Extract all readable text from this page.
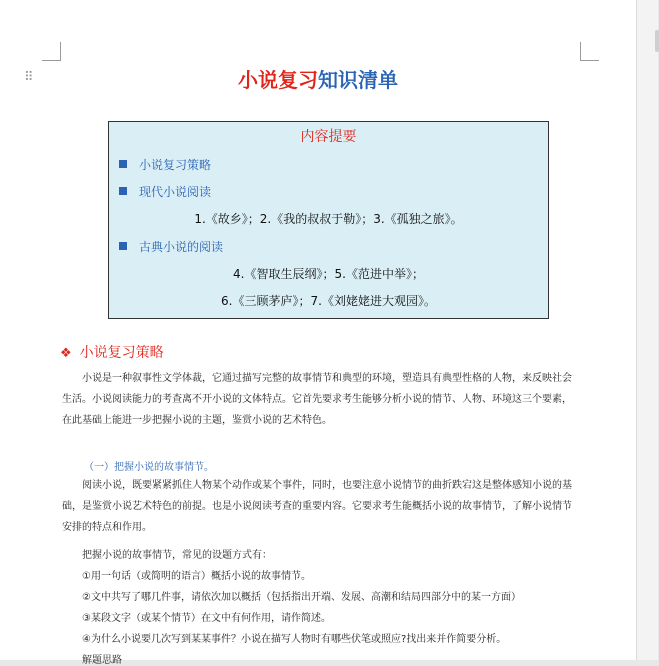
⠿	小说复习知识清单
内容提要
小说复习策略
现代小说阅读
1.《故乡》；2.《我的叔叔于勒》；3.《孤独之旅》。
古典小说的阅读
4.《智取生辰纲》；5.《范进中举》；
6.《三顾茅庐》；7.《刘姥姥进大观园》。
❖ 小说复习策略
小说是一种叙事性文学体裁，它通过描写完整的故事情节和典型的环境，塑造具有典型性格的人物，来反映社会生活。小说阅读能力的考查离不开小说的文体特点。它首先要求考生能够分析小说的情节、人物、环境这三个要素，在此基础上能进一步把握小说的主题，鉴赏小说的艺术特色。
（一）把握小说的故事情节。
阅读小说，既要紧紧抓住人物某个动作或某个事件，同时，也要注意小说情节的曲折跌宕这是整体感知小说的基础，是鉴赏小说艺术特色的前提。也是小说阅读考查的重要内容。它要求考生能概括小说的故事情节，了解小说情节安排的特点和作用。
把握小说的故事情节，常见的设题方式有：
①用一句话（或简明的语言）概括小说的故事情节。
②文中共写了哪几件事，请依次加以概括（包括指出开端、发展、高潮和结局四部分中的某一方面）
③某段文字（或某个情节）在文中有何作用，请作简述。
④为什么小说要几次写到某某事件？小说在描写人物时有哪些伏笔或照应?找出来并作简要分析。
解题思路
